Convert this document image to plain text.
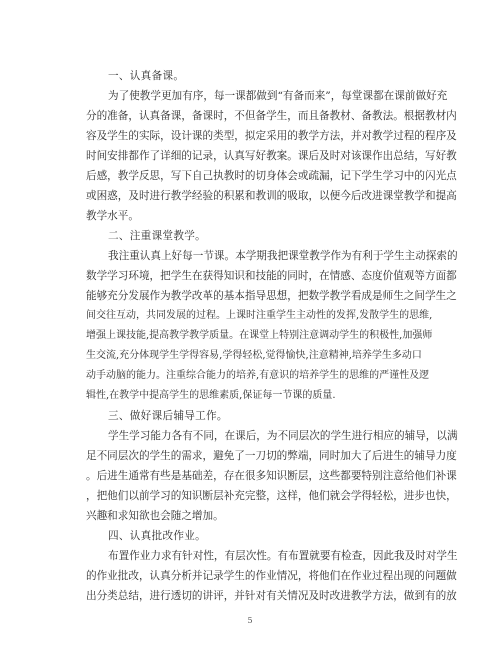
一、认真备课。

为了使教学更加有序，每一课都做到“有备而来”，每堂课都在课前做好充
分的准备，认真备课，备课时，不但备学生，而且备教材、备教法。根据教材内
容及学生的实际，设计课的类型，拟定采用的教学方法，并对教学过程的程序及
时间安排都作了详细的记录，认真写好教案。课后及时对该课作出总结，写好教
后感，教学反思，写下自己执教时的切身体会或疏漏，记下学生学习中的闪光点
或困惑，及时进行教学经验的积累和教训的吸取，以便今后改进课堂教学和提高
教学水平。

二、注重课堂教学。

我注重认真上好每一节课。本学期我把课堂教学作为有利于学生主动探索的
数学学习环境，把学生在获得知识和技能的同时，在情感、态度价值观等方面都
能够充分发展作为教学改革的基本指导思想，把数学教学看成是师生之间学生之
间交往互动，共同发展的过程。上课时注重学生主动性的发挥,发散学生的思维,
增强上课技能,提高教学教学质量。在课堂上特别注意调动学生的积极性,加强师
生交流,充分体现学生学得容易,学得轻松,觉得愉快,注意精神,培养学生多动口
动手动脑的能力。注重综合能力的培养,有意识的培养学生的思维的严谨性及逻
辑性,在教学中提高学生的思维素质,保证每一节课的质量.

三、做好课后辅导工作。

学生学习能力各有不同，在课后，为不同层次的学生进行相应的辅导，以满
足不同层次的学生的需求，避免了一刀切的弊端，同时加大了后进生的辅导力度
。后进生通常有些是基础差，存在很多知识断层，这些都要特别注意给他们补课
，把他们以前学习的知识断层补充完整，这样，他们就会学得轻松，进步也快，
兴趣和求知欲也会随之增加。

四、认真批改作业。

布置作业力求有针对性，有层次性。有布置就要有检查，因此我及时对学生
的作业批改，认真分析并记录学生的作业情况，将他们在作业过程出现的问题做
出分类总结，进行透切的讲评，并针对有关情况及时改进教学方法，做到有的放
5
